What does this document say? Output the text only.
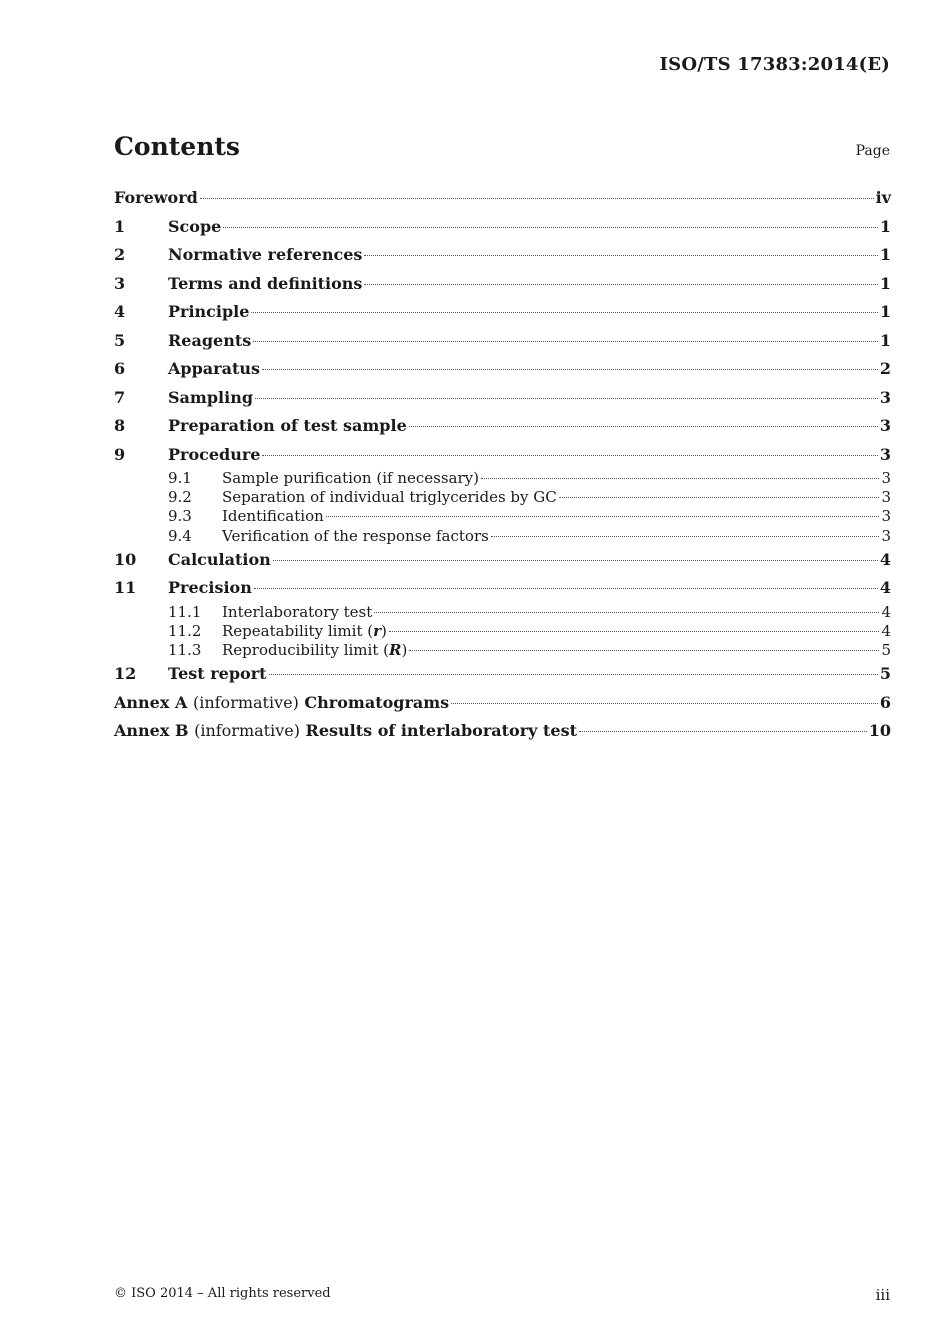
ISO/TS 17383:2014(E)
Contents	Page
Foreword	iv
1	Scope	1
2	Normative references	1
3	Terms and definitions	1
4	Principle	1
5	Reagents	1
6	Apparatus	2
7	Sampling	3
8	Preparation of test sample	3
9	Procedure	3
9.1	Sample purification (if necessary)	3
9.2	Separation of individual triglycerides by GC	3
9.3	Identification	3
9.4	Verification of the response factors	3
10	Calculation	4
11	Precision	4
11.1	Interlaboratory test	4
11.2	Repeatability limit (r)	4
11.3	Reproducibility limit (R)	5
12	Test report	5
Annex A (informative) Chromatograms	6
Annex B (informative) Results of interlaboratory test	10
© ISO 2014 – All rights reserved	iii
